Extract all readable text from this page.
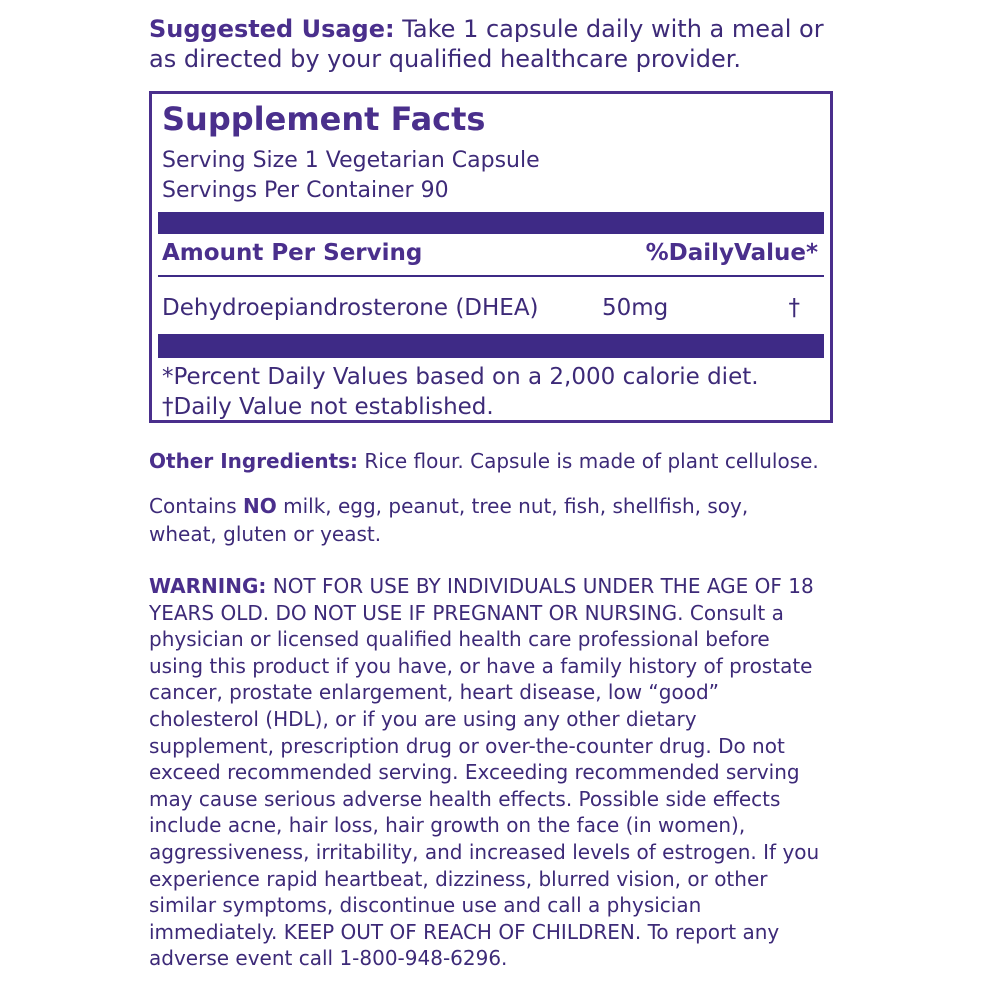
Suggested Usage: Take 1 capsule daily with a meal or

as directed by your qualified healthcare provider.

Supplement Facts
Serving Size 1 Vegetarian Capsule
Servings Per Container 90
Amount Per Serving	%DailyValue*
Dehydroepiandrosterone (DHEA)	50mg	†
*Percent Daily Values based on a 2,000 calorie diet.
†Daily Value not established.
Other Ingredients: Rice flour. Capsule is made of plant cellulose.
Contains NO milk, egg, peanut, tree nut, fish, shellfish, soy,
wheat, gluten or yeast.
WARNING: NOT FOR USE BY INDIVIDUALS UNDER THE AGE OF 18
YEARS OLD. DO NOT USE IF PREGNANT OR NURSING. Consult a
physician or licensed qualified health care professional before
using this product if you have, or have a family history of prostate
cancer, prostate enlargement, heart disease, low “good”
cholesterol (HDL), or if you are using any other dietary
supplement, prescription drug or over-the-counter drug. Do not
exceed recommended serving. Exceeding recommended serving
may cause serious adverse health effects. Possible side effects
include acne, hair loss, hair growth on the face (in women),
aggressiveness, irritability, and increased levels of estrogen. If you
experience rapid heartbeat, dizziness, blurred vision, or other
similar symptoms, discontinue use and call a physician
immediately. KEEP OUT OF REACH OF CHILDREN. To report any
adverse event call 1-800-948-6296.
